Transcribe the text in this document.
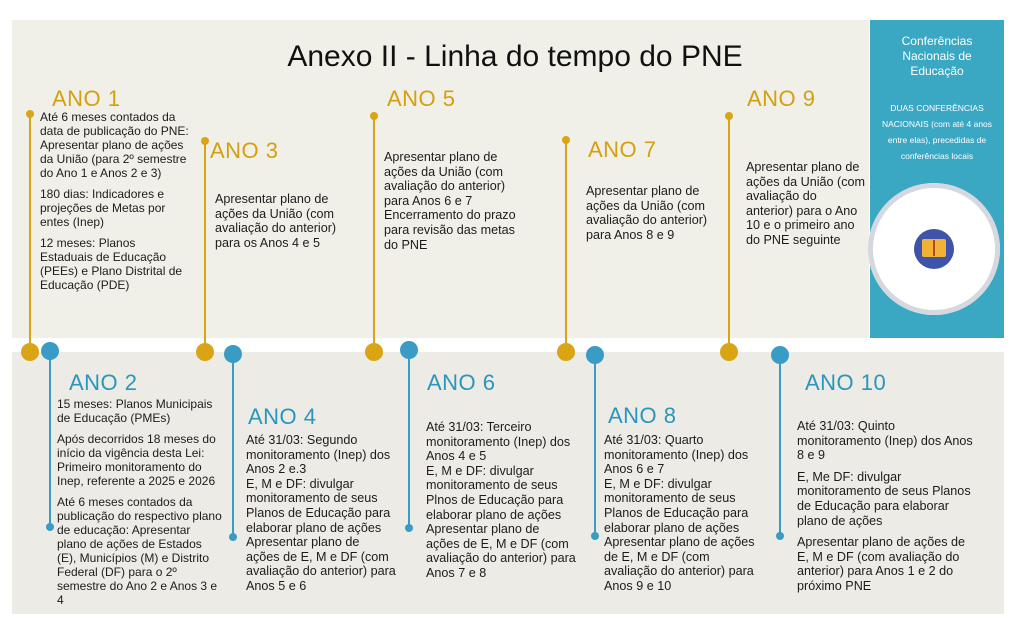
Conferências Nacionais de Educação
DUAS CONFERÊNCIAS NACIONAIS (com até 4 anos entre elas), precedidas de conferências locais
Anexo II - Linha do tempo do PNE
ANO 1
ANO 2
ANO 3
ANO 4
ANO 5
ANO 6
ANO 7
ANO 8
ANO 9
ANO 10

Até 6 meses contados da data de publicação do PNE: Apresentar plano de ações da União (para 2º semestre do Ano 1 e Anos 2 e 3)

180 dias: Indicadores e projeções de Metas por entes (Inep)

12 meses: Planos Estaduais de Educação (PEEs) e Plano Distrital de Educação (PDE)

15 meses: Planos Municipais de Educação (PMEs)

Após decorridos 18 meses do início da vigência desta Lei: Primeiro monitoramento do Inep, referente a 2025 e 2026

Até 6 meses contados da publicação do respectivo plano de educação: Apresentar plano de ações de Estados (E), Municípios (M) e Distrito Federal (DF) para o 2º semestre do Ano 2 e Anos 3 e 4

Apresentar plano de ações da União (com avaliação do anterior) para os Anos 4 e 5

Até 31/03: Segundo monitoramento (Inep) dos Anos 2 e.3

E, M e DF: divulgar monitoramento de seus Planos de Educação para elaborar plano de ações

Apresentar plano de ações de E, M e DF (com avaliação do anterior) para Anos 5 e 6

Apresentar plano de ações da União (com avaliação do anterior) para Anos 6 e 7

Encerramento do prazo para revisão das metas do PNE

Até 31/03: Terceiro monitoramento (Inep) dos Anos 4 e 5

E, M e DF: divulgar monitoramento de seus Plnos de Educação para elaborar plano de ações

Apresentar plano de ações de E, M e DF (com avaliação do anterior) para Anos 7 e 8

Apresentar plano de ações da União (com avaliação do anterior) para Anos 8 e 9

Até 31/03: Quarto monitoramento (Inep) dos Anos 6 e 7

E, M e DF: divulgar monitoramento de seus Planos de Educação para elaborar plano de ações

Apresentar plano de ações de E, M e DF (com avaliação do anterior) para Anos 9 e 10

Apresentar plano de ações da União (com avaliação do anterior) para o Ano 10 e o primeiro ano do PNE seguinte

Até 31/03: Quinto monitoramento (Inep) dos Anos 8 e 9

E, Me DF: divulgar monitoramento de seus Planos de Educação para elaborar plano de ações

Apresentar plano de ações de E, M e DF (com avaliação do anterior) para Anos 1 e 2 do próximo PNE
